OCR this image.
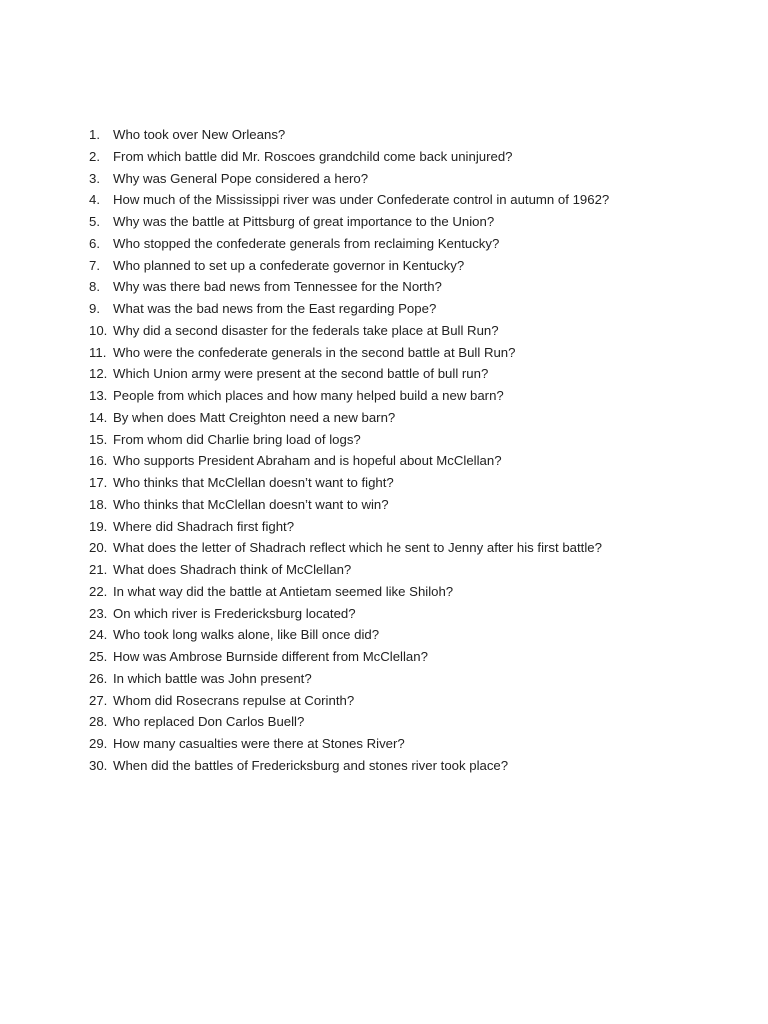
1. Who took over New Orleans?
2. From which battle did Mr. Roscoes grandchild come back uninjured?
3. Why was General Pope considered a hero?
4. How much of the Mississippi river was under Confederate control in autumn of 1962?
5. Why was the battle at Pittsburg of great importance to the Union?
6. Who stopped the confederate generals from reclaiming Kentucky?
7. Who planned to set up a confederate governor in Kentucky?
8. Why was there bad news from Tennessee for the North?
9. What was the bad news from the East regarding Pope?
10. Why did a second disaster for the federals take place at Bull Run?
11. Who were the confederate generals in the second battle at Bull Run?
12. Which Union army were present at the second battle of bull run?
13. People from which places and how many helped build a new barn?
14. By when does Matt Creighton need a new barn?
15. From whom did Charlie bring load of logs?
16. Who supports President Abraham and is hopeful about McClellan?
17. Who thinks that McClellan doesn’t want to fight?
18. Who thinks that McClellan doesn’t want to win?
19. Where did Shadrach first fight?
20. What does the letter of Shadrach reflect which he sent to Jenny after his first battle?
21. What does Shadrach think of McClellan?
22. In what way did the battle at Antietam seemed like Shiloh?
23. On which river is Fredericksburg located?
24. Who took long walks alone, like Bill once did?
25. How was Ambrose Burnside different from McClellan?
26. In which battle was John present?
27. Whom did Rosecrans repulse at Corinth?
28. Who replaced Don Carlos Buell?
29. How many casualties were there at Stones River?
30. When did the battles of Fredericksburg and stones river took place?
